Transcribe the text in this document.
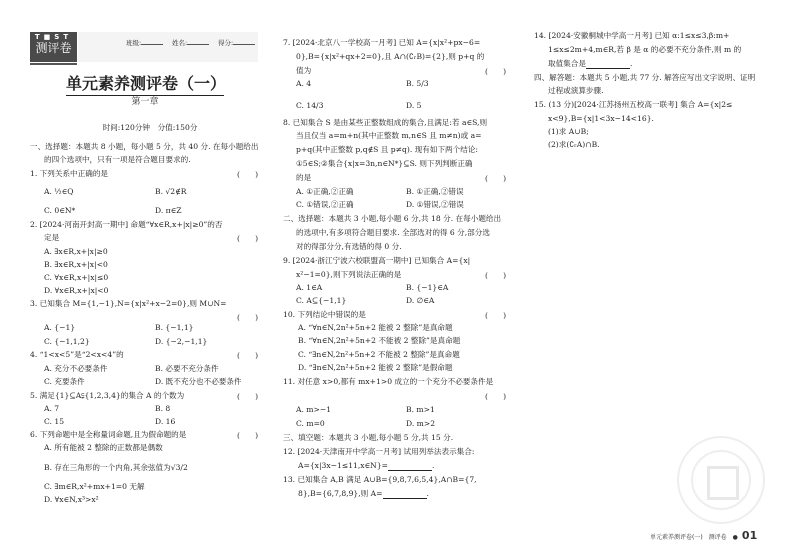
T■ST
测评卷	班级:	姓名:	得分:
单元素养测评卷（一）
第一章
时间:120分钟　分值:150分
一、选择题：本题共 8 小题，每小题 5 分，共 40 分. 在每小题给出
的四个选项中，只有一项是符合题目要求的.
1. 下列关系中正确的是
A. ½∈Q	B. √2∉R
C. 0∈N*	D. π∈Z
2. [2024·河南开封高一期中] 命题“∀x∈R,x+|x|≥0”的否
定是
A. ∃x∈R,x+|x|≥0
B. ∃x∈R,x+|x|<0
C. ∀x∈R,x+|x|≤0
D. ∀x∈R,x+|x|<0
3. 已知集合 M={1,−1},N={x|x²+x−2=0},则 M∪N=
A. {−1}	B. {−1,1}
C. {−1,1,2}	D. {−2,−1,1}
4. “1<x<5”是“2<x<4”的
A. 充分不必要条件	B. 必要不充分条件
C. 充要条件	D. 既不充分也不必要条件
5. 满足{1}⊆A⫋{1,2,3,4}的集合 A 的个数为
A. 7	B. 8
C. 15	D. 16
6. 下列命题中是全称量词命题,且为假命题的是
A. 所有能被 2 整除的正数都是偶数
B. 存在三角形的一个内角,其余弦值为√3/2
C. ∃m∈R,x²+mx+1=0 无解
D. ∀x∈N,x³>x²
(　　)
(　　)
(　　)
(　　)
(　　)
(　　)
7. [2024·北京八一学校高一月考] 已知 A={x|x²+px−6=
0},B={x|x²+qx+2=0},且 A∩(∁ᵣB)={2},则 p+q 的
值为
A. 4	B. 5/3
C. 14/3	D. 5
8. 已知集合 S 是由某些正整数组成的集合,且满足:若 a∈S,则
当且仅当 a=m+n(其中正整数 m,n∈S 且 m≠n)或 a=
p+q(其中正整数 p,q∉S 且 p≠q). 现有如下两个结论:
①5∈S;②集合{x|x=3n,n∈N*}⊆S. 则下列判断正确
的是
A. ①正确,②正确	B. ①正确,②错误
C. ①错误,②正确	D. ①错误,②错误
二、选择题：本题共 3 小题,每小题 6 分,共 18 分. 在每小题给出
的选项中,有多项符合题目要求. 全部选对的得 6 分,部分选
对的得部分分,有选错的得 0 分.
9. [2024·浙江宁波六校联盟高一期中] 已知集合 A={x|
x²−1=0},则下列说法正确的是
A. 1∈A	B. {−1}∈A
C. A⊆{−1,1}	D. ∅∈A
10. 下列结论中错误的是
A. “∀n∈N,2n²+5n+2 能被 2 整除”是真命题
B. “∀n∈N,2n²+5n+2 不能被 2 整除”是真命题
C. “∃n∈N,2n²+5n+2 不能被 2 整除”是真命题
D. “∃n∈N,2n²+5n+2 能被 2 整除”是假命题
11. 对任意 x>0,都有 mx+1>0 成立的一个充分不必要条件是
A. m>−1	B. m>1
C. m=0	D. m>2
三、填空题：本题共 3 小题,每小题 5 分,共 15 分.
12. [2024·天津南开中学高一月考] 试用列举法表示集合:
A={x|3x−1≤11,x∈N}=	.
13. 已知集合 A,B 满足 A∪B={9,8,7,6,5,4},A∩B={7,
8},B={6,7,8,9},则 A=	.
(　　)
(　　)
(　　)
(　　)
(　　)
14. [2024·安徽桐城中学高一月考] 已知 α:1≤x≤3,β:m+
1≤x≤2m+4,m∈R,若 β 是 α 的必要不充分条件,则 m 的
取值集合是	.
四、解答题：本题共 5 小题,共 77 分. 解答应写出文字说明、证明
过程或演算步骤.
15. (13 分)[2024·江苏扬州五校高一联考] 集合 A={x|2≤
x<9},B={x|1<3x−14<16}.
(1)求 A∪B;
(2)求(∁ᵣA)∩B.
单元素养测评卷(一)　测评卷　● 01
